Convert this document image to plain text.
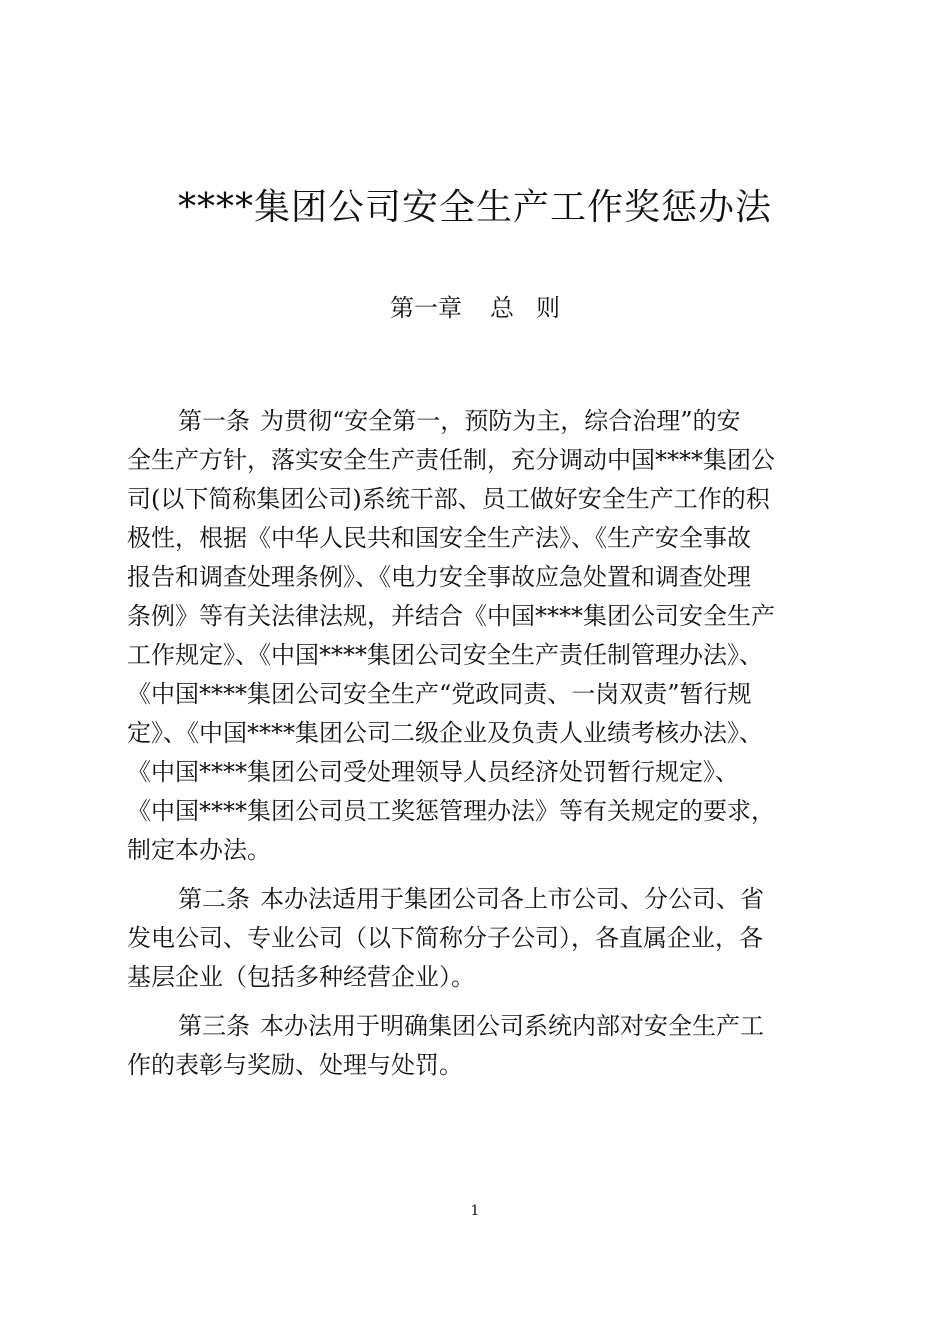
****集团公司安全生产工作奖惩办法
第一章 总 则
第一条 为贯彻“安全第一，预防为主，综合治理”的安
全生产方针，落实安全生产责任制，充分调动中国****集团公
司(以下简称集团公司)系统干部、员工做好安全生产工作的积
极性，根据《中华人民共和国安全生产法》、《生产安全事故
报告和调查处理条例》、《电力安全事故应急处置和调查处理
条例》等有关法律法规，并结合《中国****集团公司安全生产
工作规定》、《中国****集团公司安全生产责任制管理办法》、
《中国****集团公司安全生产“党政同责、一岗双责”暂行规
定》、《中国****集团公司二级企业及负责人业绩考核办法》、
《中国****集团公司受处理领导人员经济处罚暂行规定》、
《中国****集团公司员工奖惩管理办法》等有关规定的要求，
制定本办法。
第二条 本办法适用于集团公司各上市公司、分公司、省
发电公司、专业公司（以下简称分子公司），各直属企业，各
基层企业（包括多种经营企业）。
第三条 本办法用于明确集团公司系统内部对安全生产工
作的表彰与奖励、处理与处罚。
1
